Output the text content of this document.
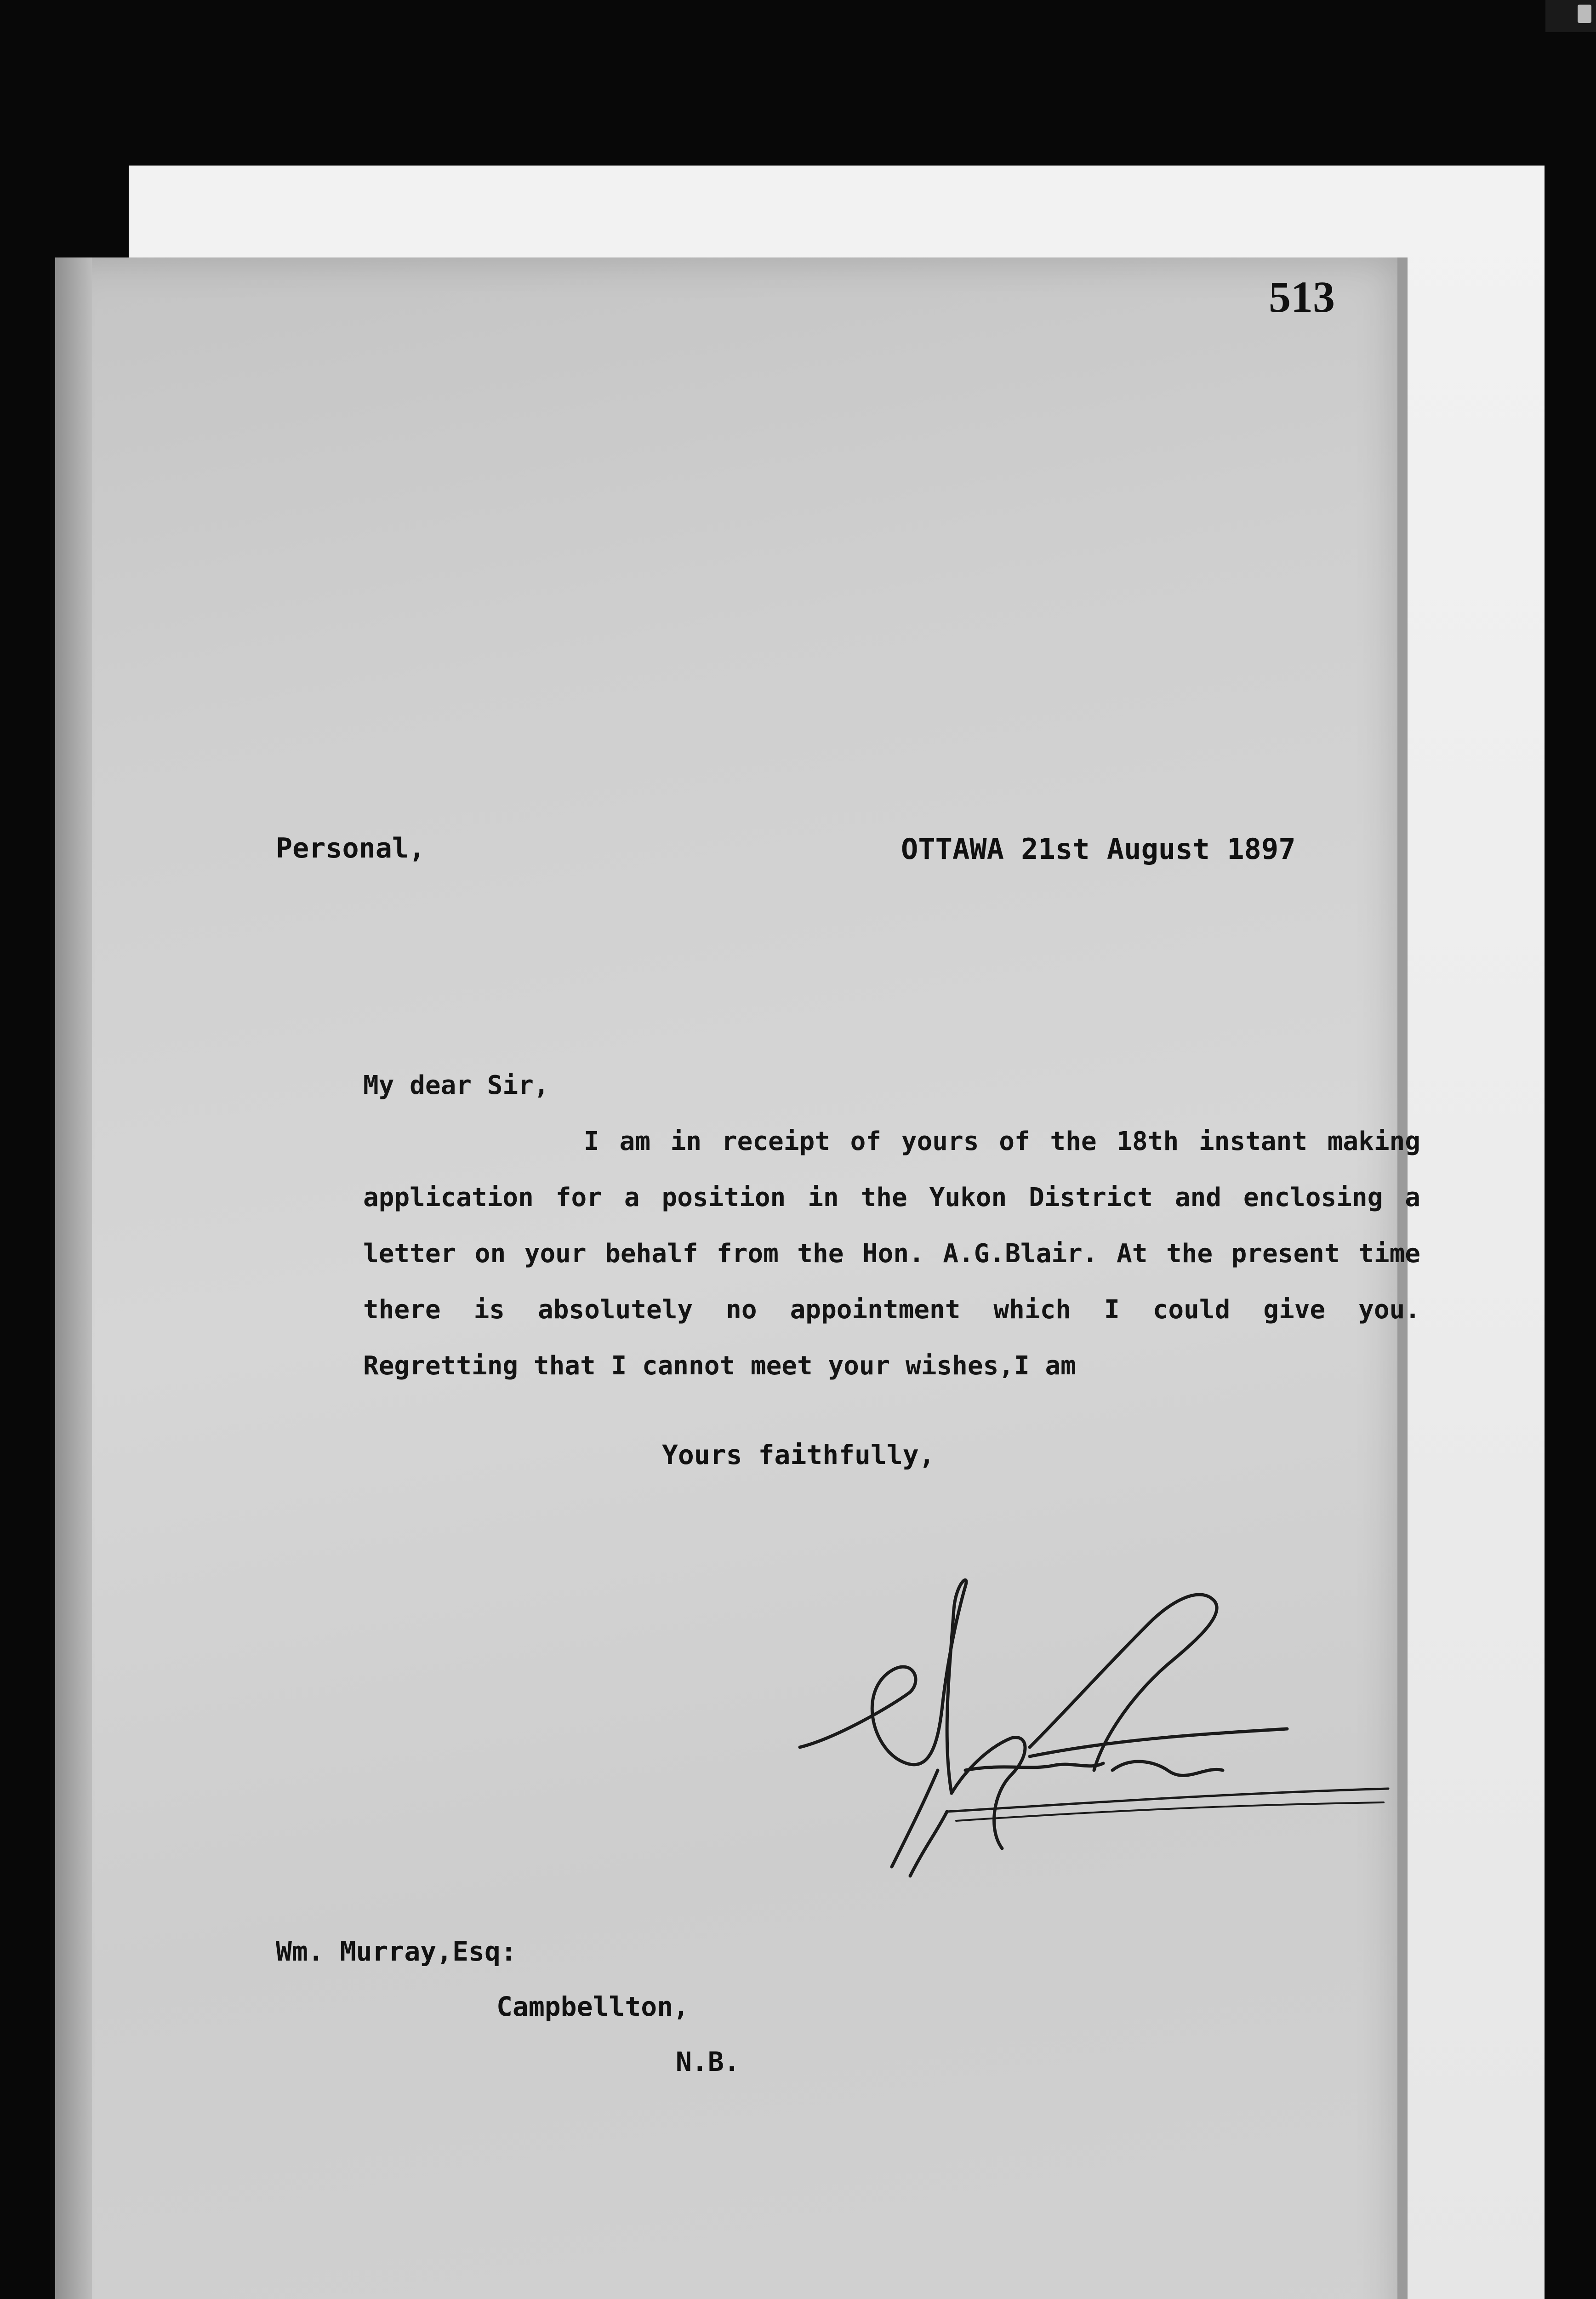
513
Personal,	OTTAWA 21st August 1897
My dear Sir,
I am in receipt of yours of the 18th instant making application for a position in the Yukon District and enclosing a letter on your behalf from the Hon. A.G.Blair. At the present time there is absolutely no appointment which I could give you. Regretting that I cannot meet your wishes,I am
Yours faithfully,
Wm. Murray,Esq:
Campbellton,
N.B.
